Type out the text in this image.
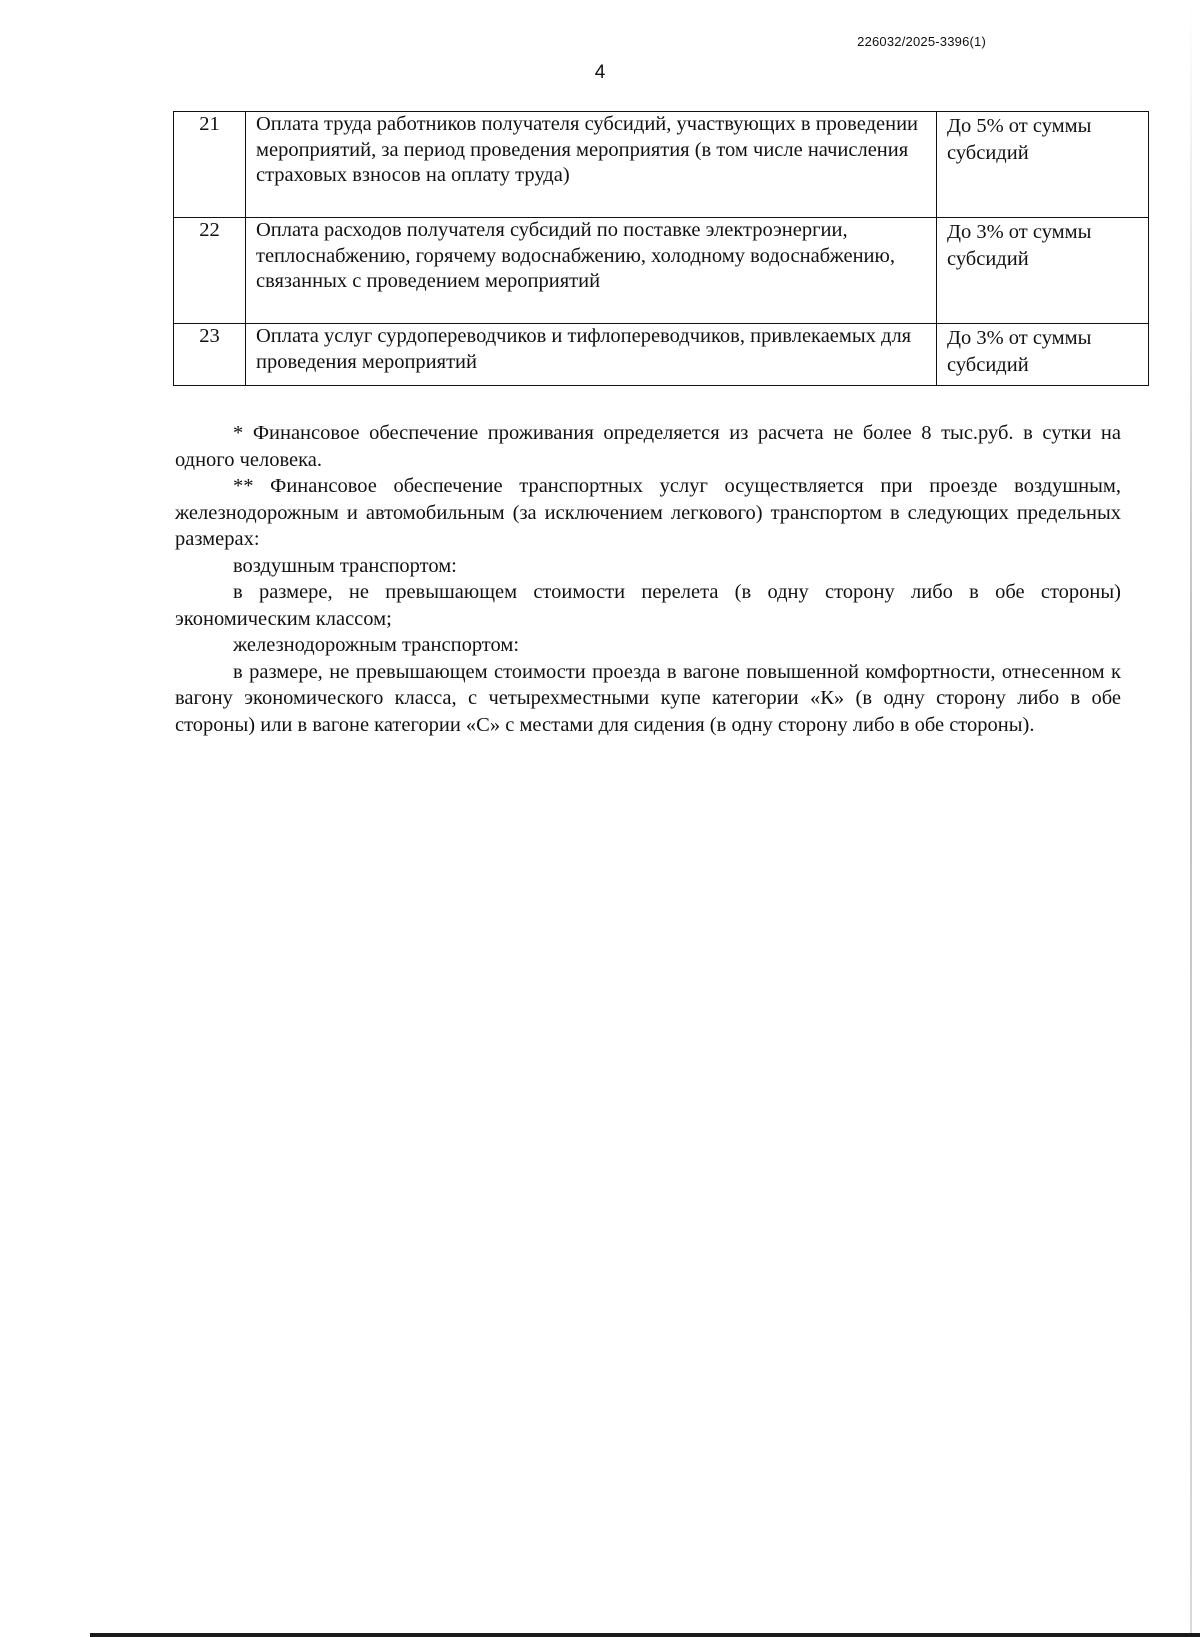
226032/2025-3396(1)
4
21	Оплата труда работников получателя субсидий, участвующих в проведении мероприятий, за период проведения мероприятия (в том числе начисления страховых взносов на оплату труда)	До 5% от суммы субсидий
22	Оплата расходов получателя субсидий по поставке электроэнергии, теплоснабжению, горячему водоснабжению, холодному водоснабжению, связанных с проведением мероприятий	До 3% от суммы субсидий
23	Оплата услуг сурдопереводчиков и тифлопереводчиков, привлекаемых для проведения мероприятий	До 3% от суммы субсидий

* Финансовое обеспечение проживания определяется из расчета не более 8 тыс.руб. в сутки на одного человека.

** Финансовое обеспечение транспортных услуг осуществляется при проезде воздушным, железнодорожным и автомобильным (за исключением легкового) транспортом в следующих предельных размерах:

воздушным транспортом:

в размере, не превышающем стоимости перелета (в одну сторону либо в обе стороны) экономическим классом;

железнодорожным транспортом:

в размере, не превышающем стоимости проезда в вагоне повышенной комфортности, отнесенном к вагону экономического класса, с четырехместными купе категории «К» (в одну сторону либо в обе стороны) или в вагоне категории «С» с местами для сидения (в одну сторону либо в обе стороны).
